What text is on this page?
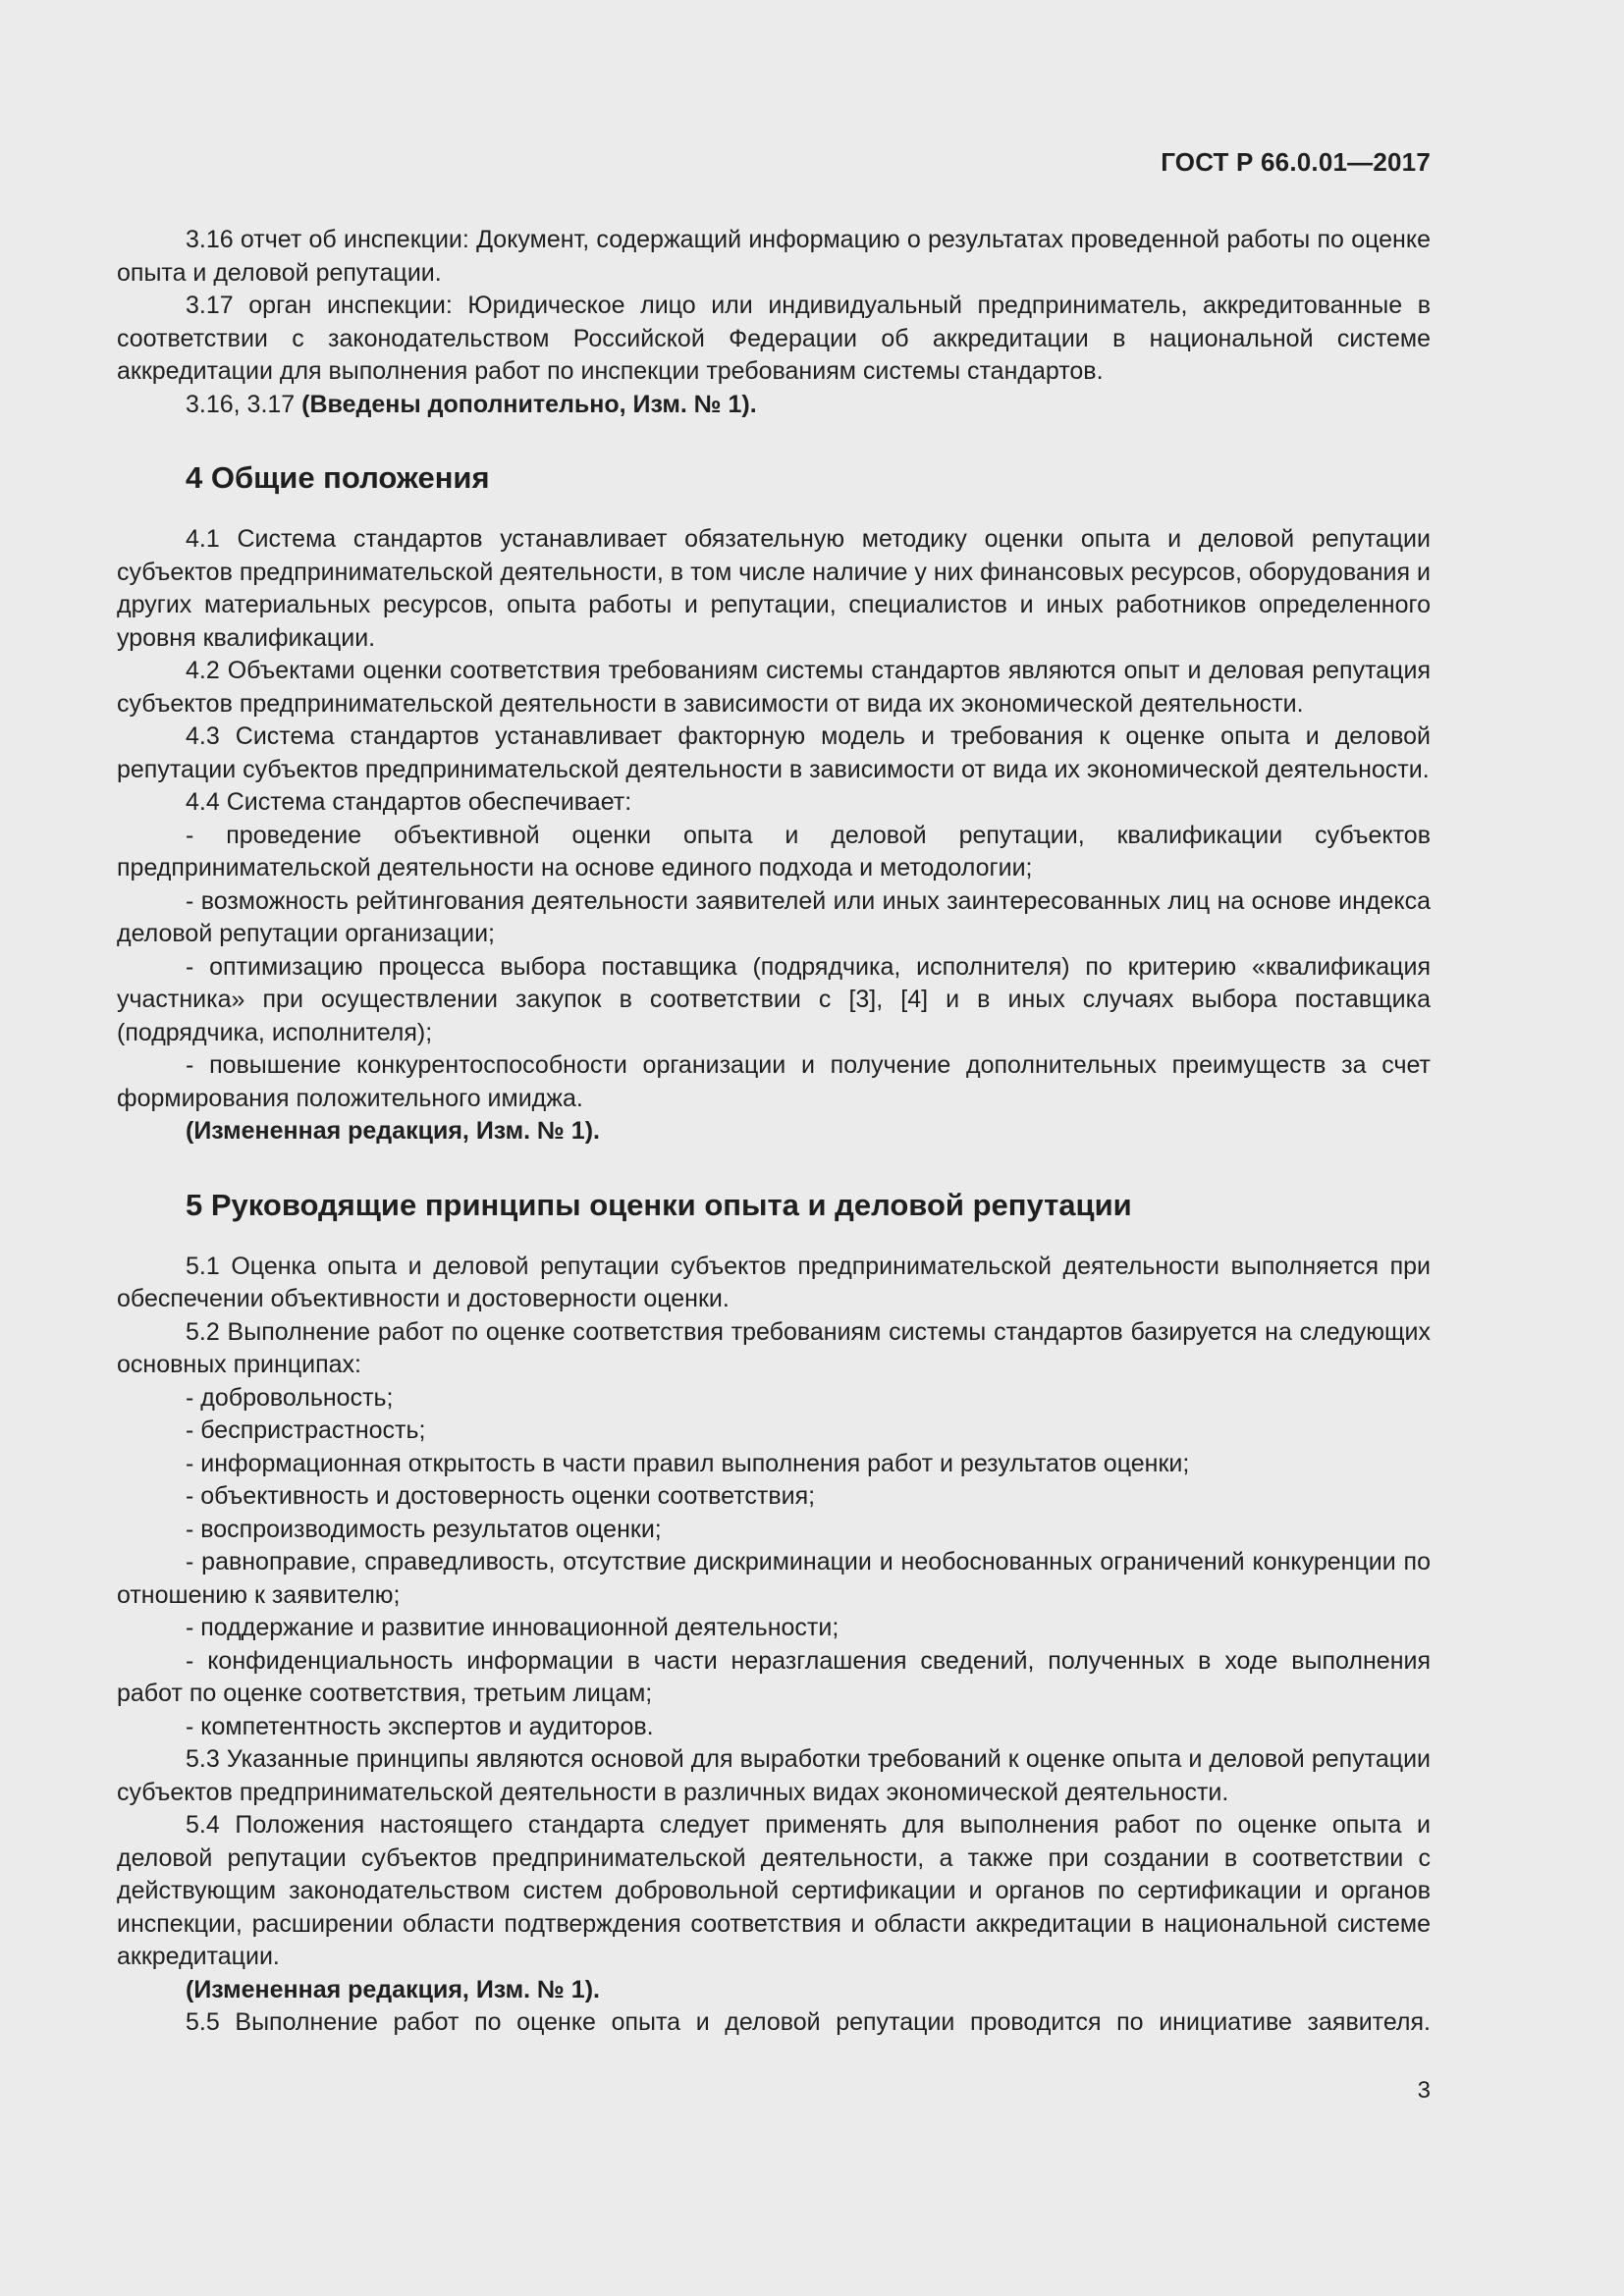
ГОСТ Р 66.0.01—2017

3.16 отчет об инспекции: Документ, содержащий информацию о результатах проведенной работы по оценке опыта и деловой репутации.

3.17 орган инспекции: Юридическое лицо или индивидуальный предприниматель, аккредитованные в соответствии с законодательством Российской Федерации об аккредитации в национальной системе аккредитации для выполнения работ по инспекции требованиям системы стандартов.

3.16, 3.17 (Введены дополнительно, Изм. № 1).

4 Общие положения

4.1 Система стандартов устанавливает обязательную методику оценки опыта и деловой репутации субъектов предпринимательской деятельности, в том числе наличие у них финансовых ресурсов, оборудования и других материальных ресурсов, опыта работы и репутации, специалистов и иных работников определенного уровня квалификации.

4.2 Объектами оценки соответствия требованиям системы стандартов являются опыт и деловая репутация субъектов предпринимательской деятельности в зависимости от вида их экономической деятельности.

4.3 Система стандартов устанавливает факторную модель и требования к оценке опыта и деловой репутации субъектов предпринимательской деятельности в зависимости от вида их экономической деятельности.

4.4 Система стандартов обеспечивает:

- проведение объективной оценки опыта и деловой репутации, квалификации субъектов предпринимательской деятельности на основе единого подхода и методологии;

- возможность рейтингования деятельности заявителей или иных заинтересованных лиц на основе индекса деловой репутации организации;

- оптимизацию процесса выбора поставщика (подрядчика, исполнителя) по критерию «квалификация участника» при осуществлении закупок в соответствии с [3], [4] и в иных случаях выбора поставщика (подрядчика, исполнителя);

- повышение конкурентоспособности организации и получение дополнительных преимуществ за счет формирования положительного имиджа.

(Измененная редакция, Изм. № 1).

5 Руководящие принципы оценки опыта и деловой репутации

5.1 Оценка опыта и деловой репутации субъектов предпринимательской деятельности выполняется при обеспечении объективности и достоверности оценки.

5.2 Выполнение работ по оценке соответствия требованиям системы стандартов базируется на следующих основных принципах:

- добровольность;

- беспристрастность;

- информационная открытость в части правил выполнения работ и результатов оценки;

- объективность и достоверность оценки соответствия;

- воспроизводимость результатов оценки;

- равноправие, справедливость, отсутствие дискриминации и необоснованных ограничений конкуренции по отношению к заявителю;

- поддержание и развитие инновационной деятельности;

- конфиденциальность информации в части неразглашения сведений, полученных в ходе выполнения работ по оценке соответствия, третьим лицам;

- компетентность экспертов и аудиторов.

5.3 Указанные принципы являются основой для выработки требований к оценке опыта и деловой репутации субъектов предпринимательской деятельности в различных видах экономической деятельности.

5.4 Положения настоящего стандарта следует применять для выполнения работ по оценке опыта и деловой репутации субъектов предпринимательской деятельности, а также при создании в соответствии с действующим законодательством систем добровольной сертификации и органов по сертификации и органов инспекции, расширении области подтверждения соответствия и области аккредитации в национальной системе аккредитации.

(Измененная редакция, Изм. № 1).

5.5 Выполнение работ по оценке опыта и деловой репутации проводится по инициативе заявителя.

3
